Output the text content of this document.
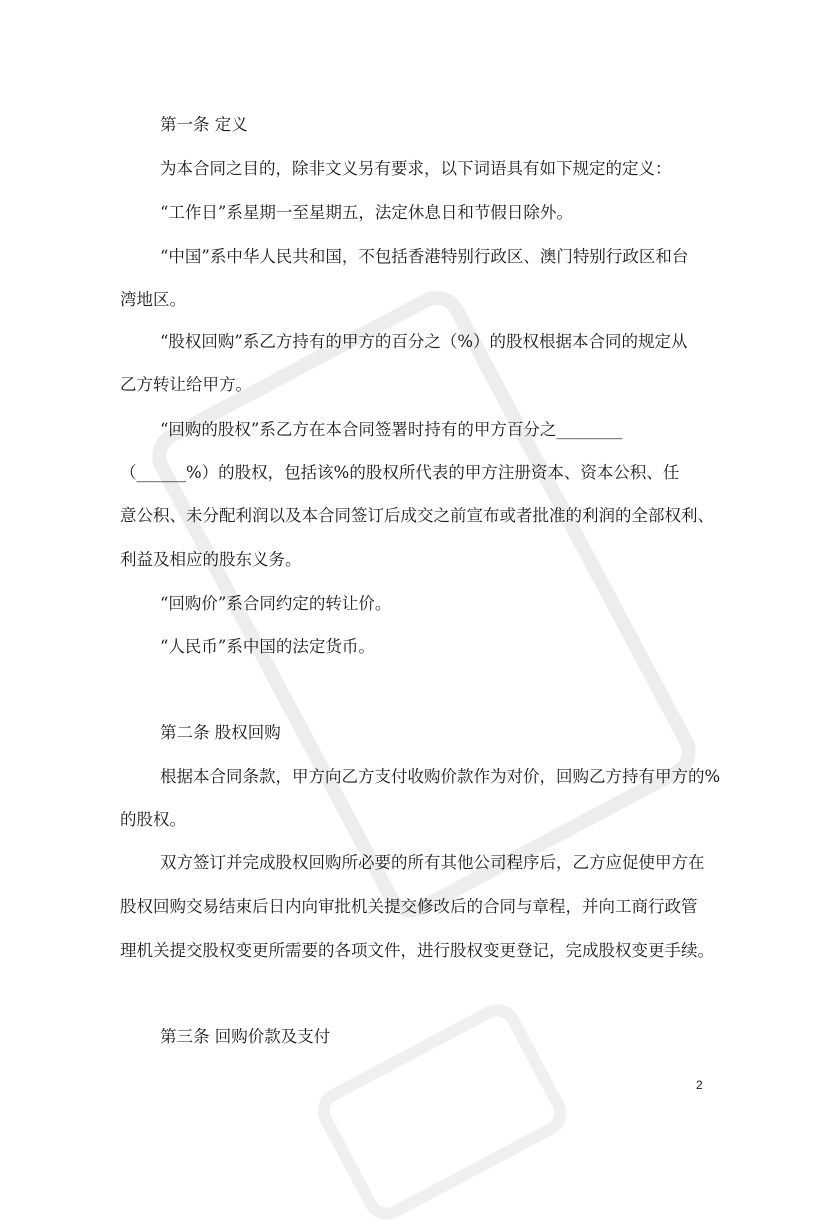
第一条 定义
为本合同之目的，除非文义另有要求，以下词语具有如下规定的定义：
“工作日”系星期一至星期五，法定休息日和节假日除外。
“中国”系中华人民共和国，不包括香港特别行政区、澳门特别行政区和台
湾地区。
“股权回购”系乙方持有的甲方的百分之（%）的股权根据本合同的规定从
乙方转让给甲方。
“回购的股权”系乙方在本合同签署时持有的甲方百分之________
（______%）的股权，包括该%的股权所代表的甲方注册资本、资本公积、任
意公积、未分配利润以及本合同签订后成交之前宣布或者批准的利润的全部权利、
利益及相应的股东义务。
“回购价”系合同约定的转让价。
“人民币”系中国的法定货币。
第二条 股权回购
根据本合同条款，甲方向乙方支付收购价款作为对价，回购乙方持有甲方的%
的股权。
双方签订并完成股权回购所必要的所有其他公司程序后，乙方应促使甲方在
股权回购交易结束后日内向审批机关提交修改后的合同与章程，并向工商行政管
理机关提交股权变更所需要的各项文件，进行股权变更登记，完成股权变更手续。
第三条 回购价款及支付
2
